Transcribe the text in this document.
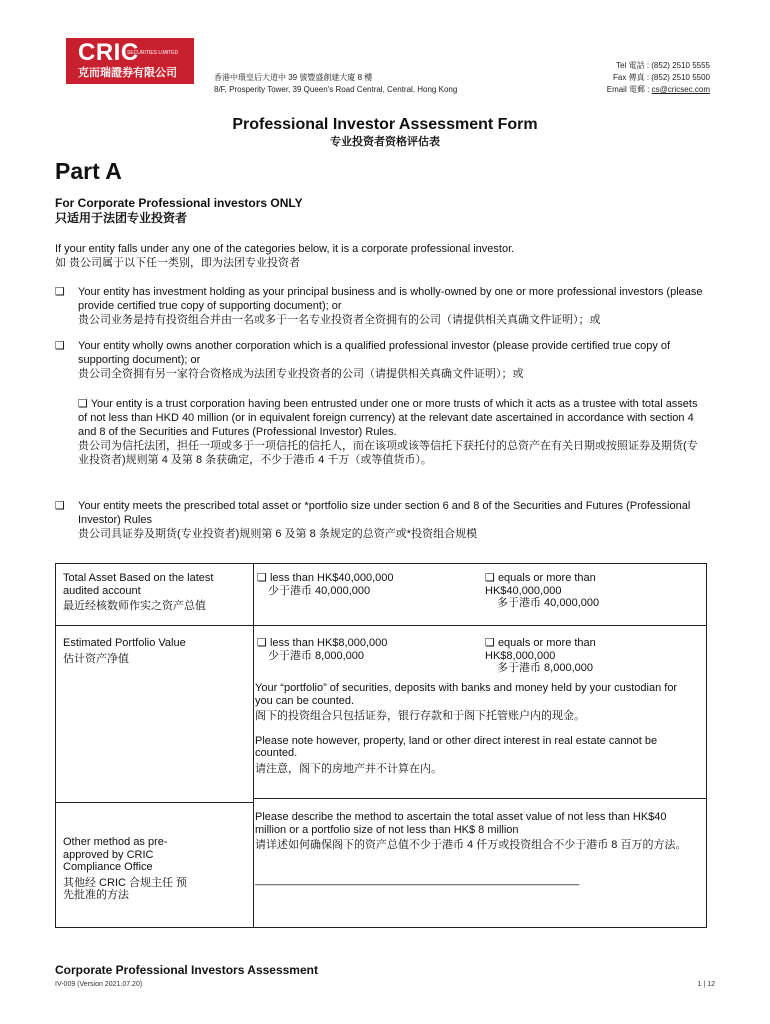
CRIC
SECURITIES LIMITED
克而瑞證券有限公司	香港中環皇后大道中 39 號豐盛創建大廈 8 樓
8/F, Prosperity Tower, 39 Queen's Road Central, Central, Hong Kong
Tel 電話 : (852) 2510 5555
Fax 傳真 : (852) 2510 5500
Email 電郵 : cs@cricsec.com
Professional Investor Assessment Form
专业投资者资格评估表
Part A
For Corporate Professional investors ONLY
只适用于法团专业投资者
If your entity falls under any one of the categories below, it is a corporate professional investor.
如 贵公司属于以下任一类别，即为法团专业投资者
❑ Your entity has investment holding as your principal business and is wholly-owned by one or more professional investors (please provide certified true copy of supporting document); or
贵公司业务是持有投资组合并由一名或多于一名专业投资者全资拥有的公司（请提供相关真确文件证明）；或
❑ Your entity wholly owns another corporation which is a qualified professional investor (please provide certified true copy of supporting document); or
贵公司全资拥有另一家符合资格成为法团专业投资者的公司（请提供相关真确文件证明）；或
❑ Your entity is a trust corporation having been entrusted under one or more trusts of which it acts as a trustee with total assets of not less than HKD 40 million (or in equivalent foreign currency) at the relevant date ascertained in accordance with section 4 and 8 of the Securities and Futures (Professional Investor) Rules.
贵公司为信托法团，担任一项或多于一项信托的信托人，而在该项或该等信托下获托付的总资产在有关日期或按照证券及期货(专业投资者)规则第 4 及第 8 条获确定，不少于港币 4 千万（或等值货币）。
❑ Your entity meets the prescribed total asset or *portfolio size under section 6 and 8 of the Securities and Futures (Professional Investor) Rules
贵公司具证券及期货(专业投资者)规则第 6 及第 8 条规定的总资产或*投资组合规模
Total Asset Based on the latest audited account
最近经核数师作实之资产总值
❑ less than HK$40,000,000
少于港币 40,000,000
❑ equals or more than HK$40,000,000
多于港币 40,000,000
Estimated Portfolio Value
估计资产净值
❑ less than HK$8,000,000
少于港币 8,000,000
❑ equals or more than HK$8,000,000
多于港币 8,000,000
Your “portfolio” of securities, deposits with banks and money held by your custodian for you can be counted.
阁下的投资组合只包括证券，银行存款和于阁下托管账户内的现金。
Please note however, property, land or other direct interest in real estate cannot be counted.
请注意，阁下的房地产并不计算在内。
Other method as pre-approved by CRIC Compliance Office
其他经 CRIC 合规主任 预先批准的方法
Please describe the method to ascertain the total asset value of not less than HK$40 million or a portfolio size of not less than HK$ 8 million
请详述如何确保阁下的资产总值不少于港币 4 仟万或投资组合不少于港币 8 百万的方法。
_____________________________________________________
Corporate Professional Investors Assessment
IV-009 (Version 2021.07.20)	1 | 12
